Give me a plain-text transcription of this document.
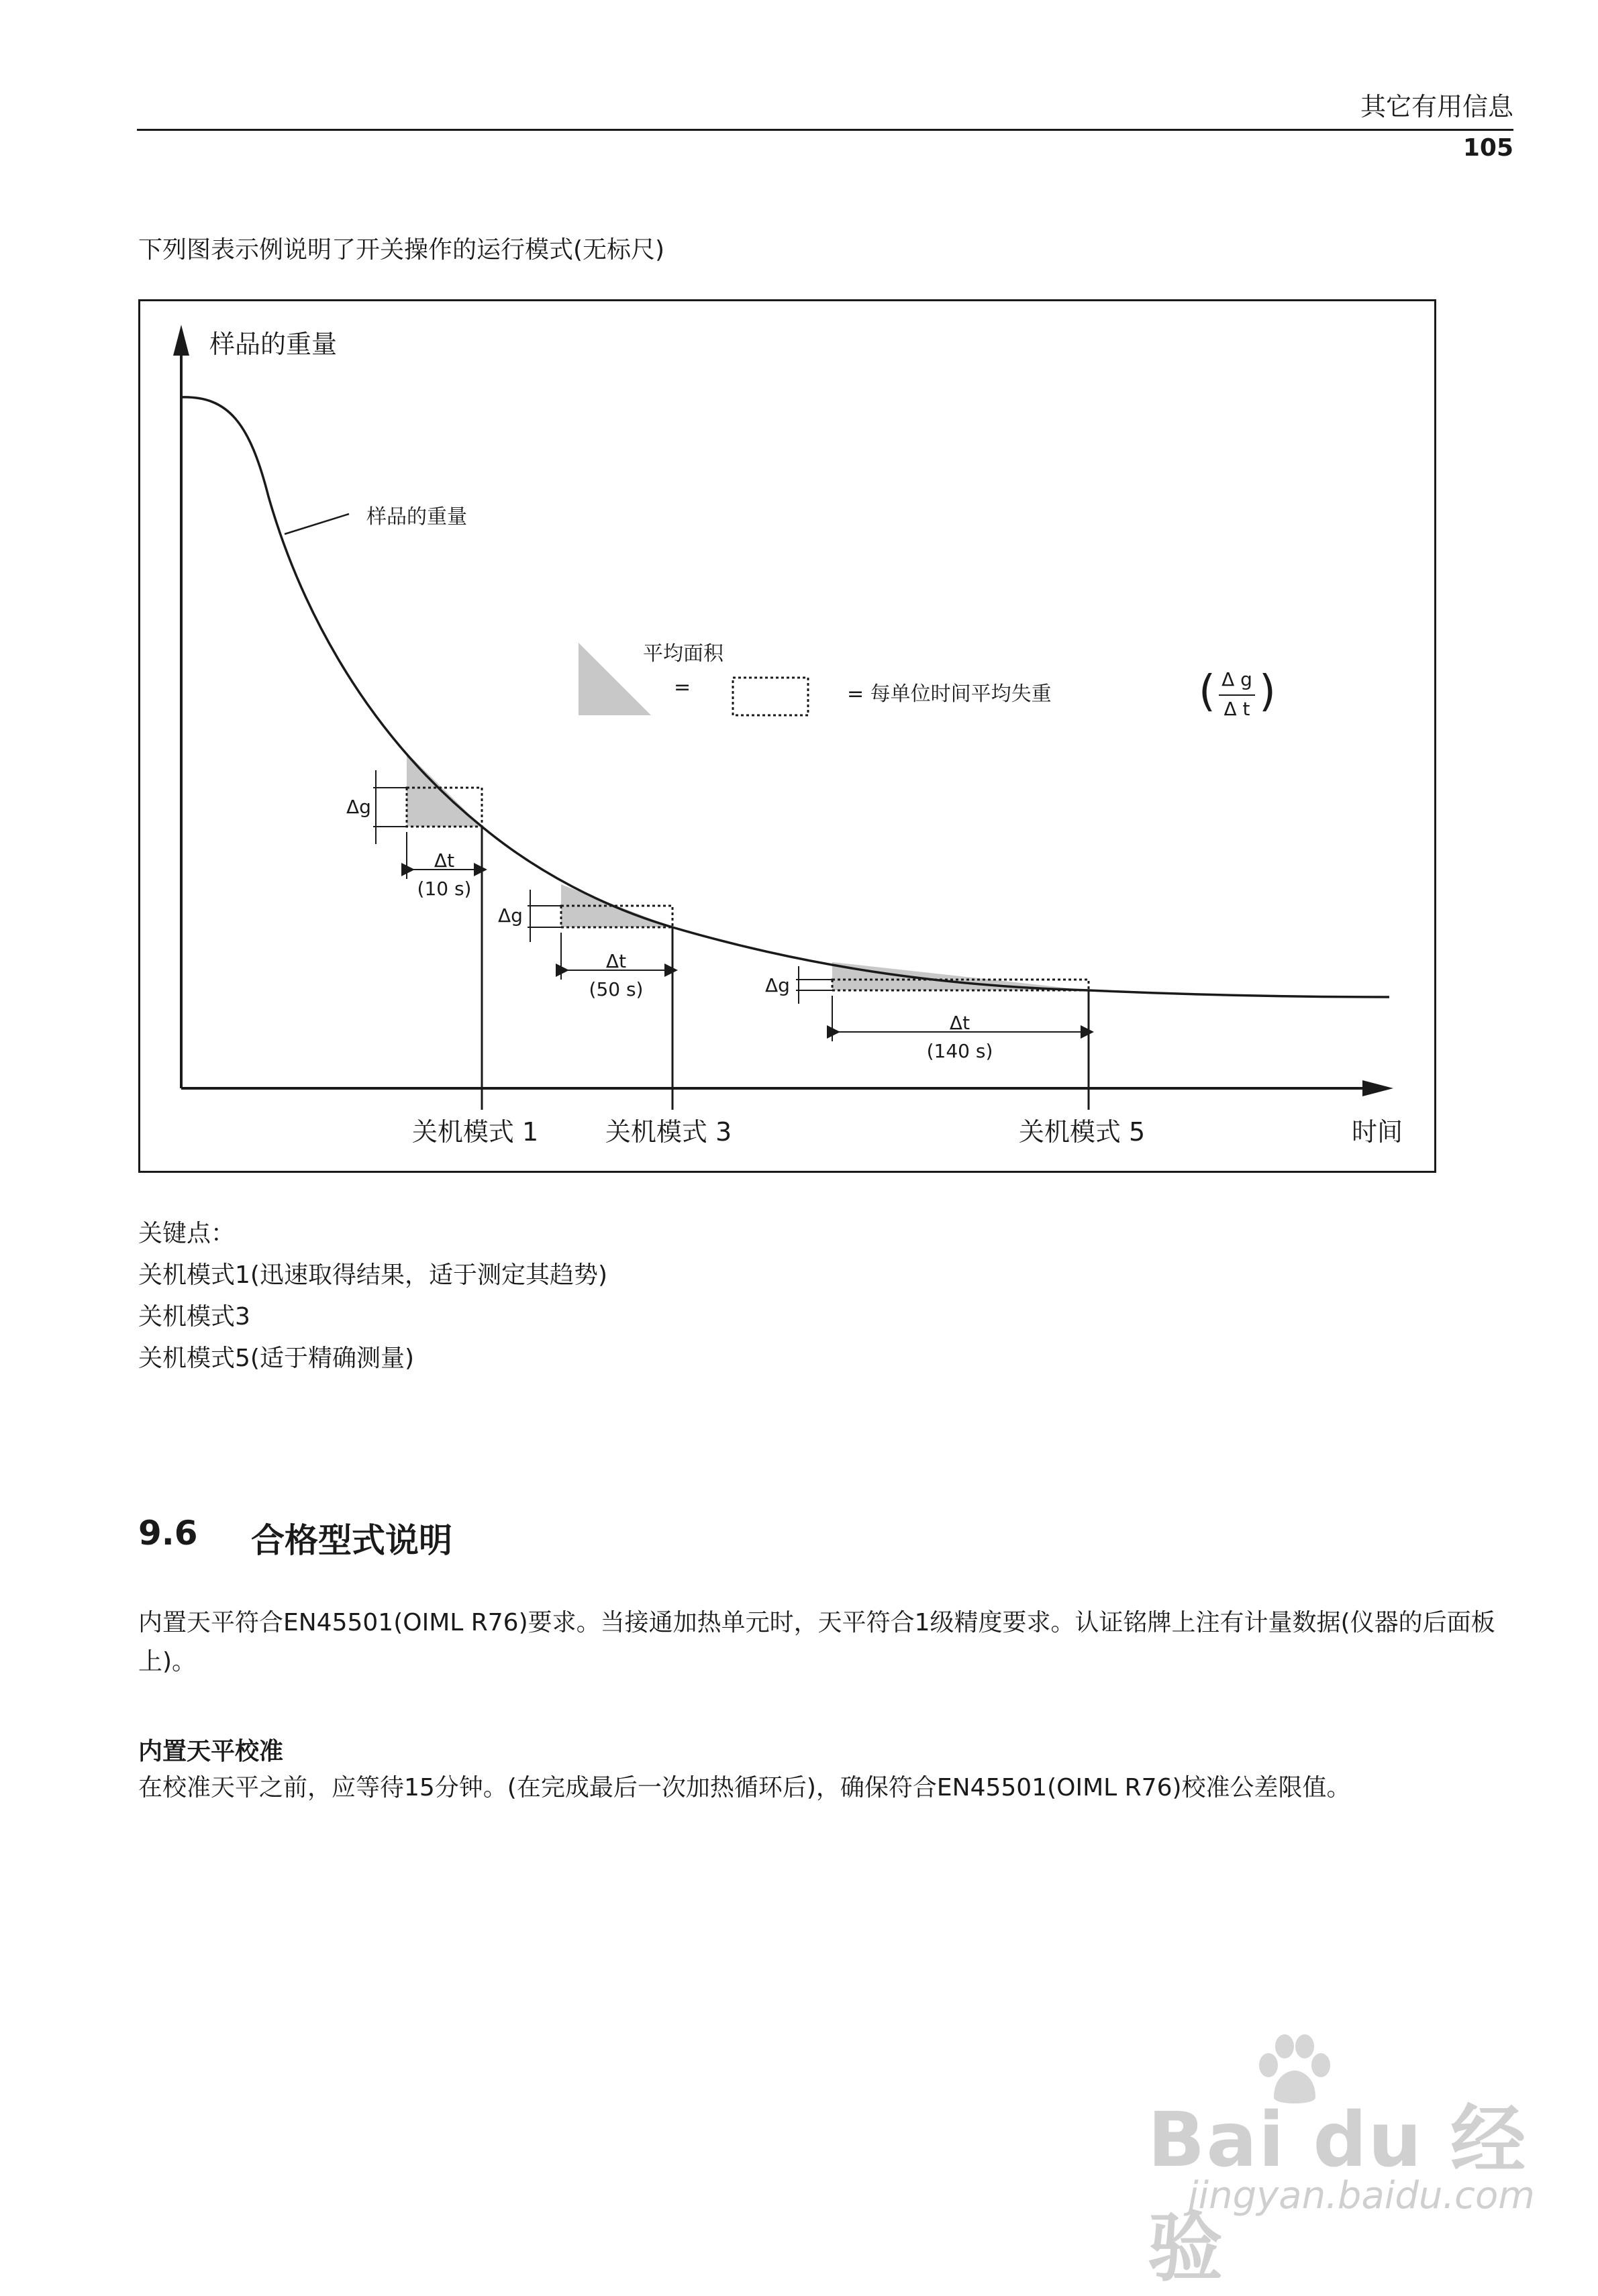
其它有用信息
105
下列图表示例说明了开关操作的运行模式(无标尺)
样品的重量
样品的重量
平均面积
=	= 每单位时间平均失重	( Δ g
Δ t )
Δg
Δg
Δg
Δt
(10 s)
Δt
(50 s)
Δt
(140 s)
关机模式 1	关机模式 3	关机模式 5	时间
关键点：
关机模式1(迅速取得结果，适于测定其趋势)
关机模式3
关机模式5(适于精确测量)
9.6 合格型式说明
内置天平符合EN45501(OIML R76)要求。当接通加热单元时，天平符合1级精度要求。认证铭牌上注有计量数据(仪器的后面板上)。
内置天平校准
在校准天平之前，应等待15分钟。(在完成最后一次加热循环后)，确保符合EN45501(OIML R76)校准公差限值。
Bai du 经验
jingyan.baidu.com
